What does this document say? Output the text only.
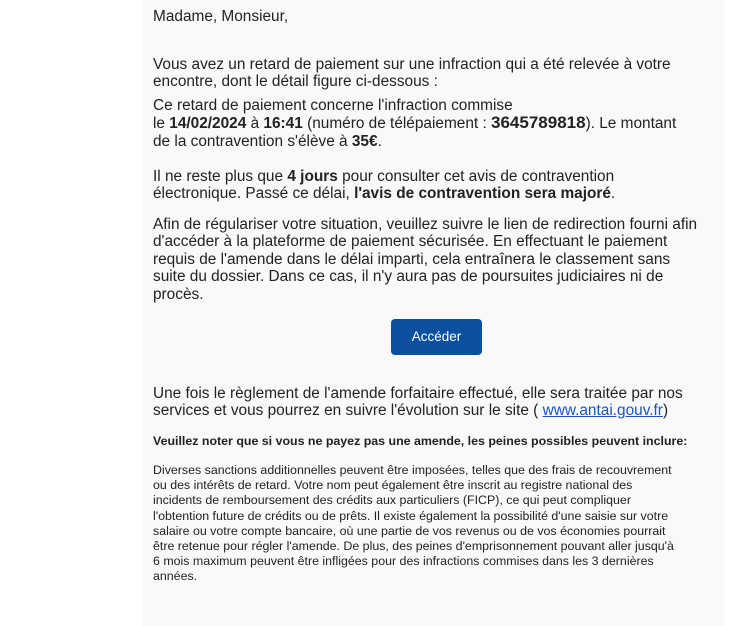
Madame, Monsieur,

Vous avez un retard de paiement sur une infraction qui a été relevée à votre
encontre, dont le détail figure ci-dessous :

Ce retard de paiement concerne l'infraction commise
le 14/02/2024 à 16:41 (numéro de télépaiement : 3645789818). Le montant
de la contravention s'élève à 35€.

Il ne reste plus que 4 jours pour consulter cet avis de contravention
électronique. Passé ce délai, l'avis de contravention sera majoré.

Afin de régulariser votre situation, veuillez suivre le lien de redirection fourni afin
d'accéder à la plateforme de paiement sécurisée. En effectuant le paiement
requis de l'amende dans le délai imparti, cela entraînera le classement sans
suite du dossier. Dans ce cas, il n'y aura pas de poursuites judiciaires ni de
procès.

Accéder

Une fois le règlement de l'amende forfaitaire effectué, elle sera traitée par nos
services et vous pourrez en suivre l'évolution sur le site ( www.antai.gouv.fr)

Veuillez noter que si vous ne payez pas une amende, les peines possibles peuvent inclure:
Diverses sanctions additionnelles peuvent être imposées, telles que des frais de recouvrement
ou des intérêts de retard. Votre nom peut également être inscrit au registre national des
incidents de remboursement des crédits aux particuliers (FICP), ce qui peut compliquer
l'obtention future de crédits ou de prêts. Il existe également la possibilité d'une saisie sur votre
salaire ou votre compte bancaire, où une partie de vos revenus ou de vos économies pourrait
être retenue pour régler l'amende. De plus, des peines d'emprisonnement pouvant aller jusqu'à
6 mois maximum peuvent être infligées pour des infractions commises dans les 3 dernières
années.
